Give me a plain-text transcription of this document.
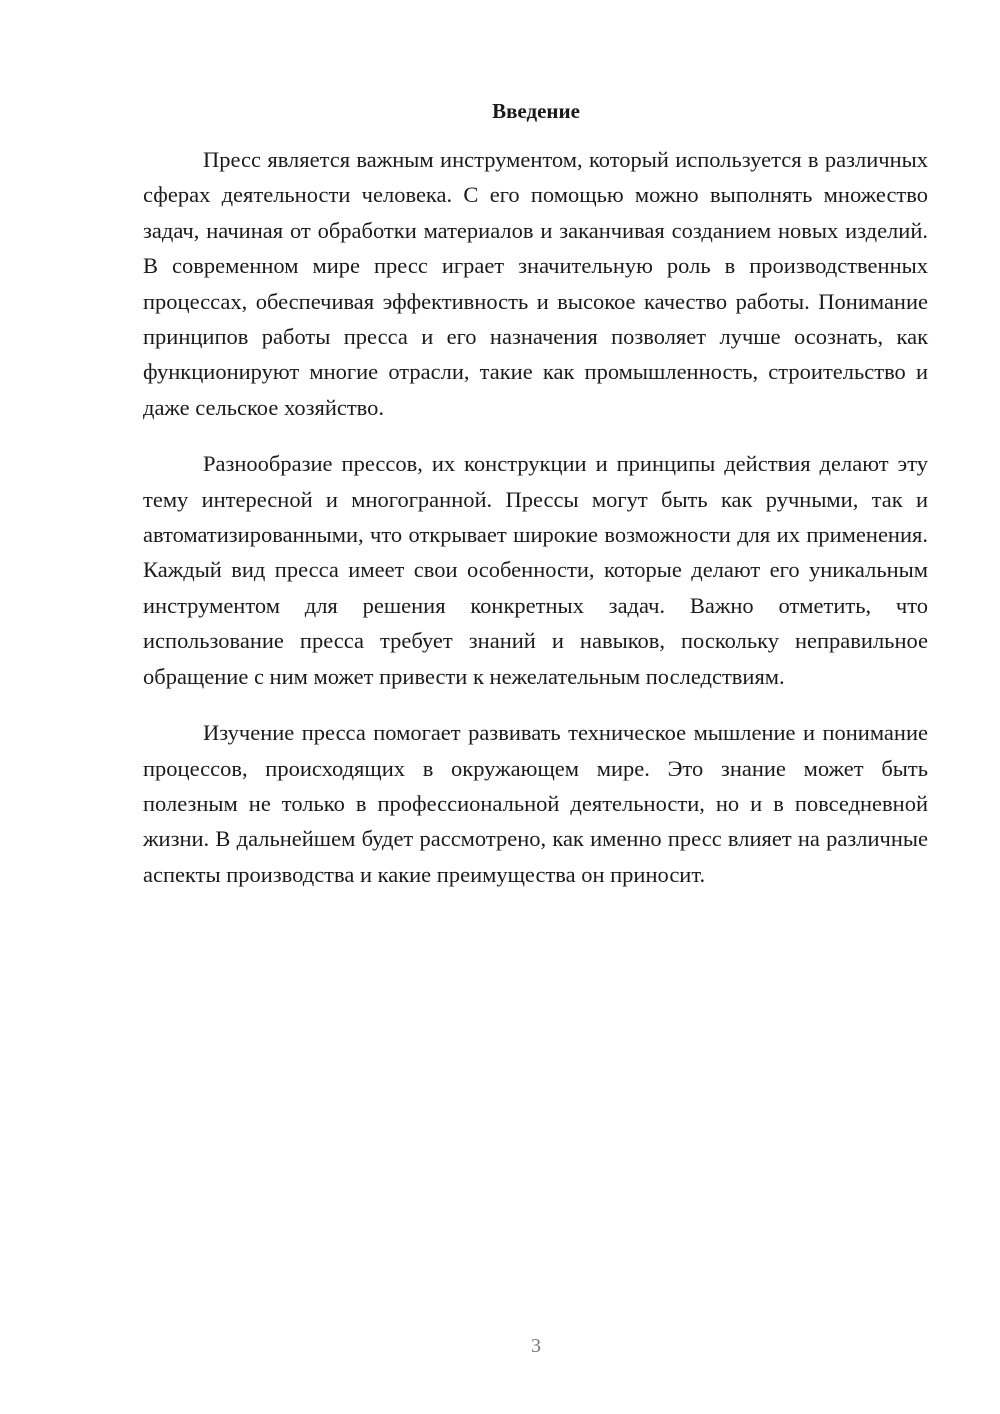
Введение

Пресс является важным инструментом, который используется в различных сферах деятельности человека. С его помощью можно выполнять множество задач, начиная от обработки материалов и заканчивая созданием новых изделий. В современном мире пресс играет значительную роль в производственных процессах, обеспечивая эффективность и высокое качество работы. Понимание принципов работы пресса и его назначения позволяет лучше осознать, как функционируют многие отрасли, такие как промышленность, строительство и даже сельское хозяйство.

Разнообразие прессов, их конструкции и принципы действия делают эту тему интересной и многогранной. Прессы могут быть как ручными, так и автоматизированными, что открывает широкие возможности для их применения. Каждый вид пресса имеет свои особенности, которые делают его уникальным инструментом для решения конкретных задач. Важно отметить, что использование пресса требует знаний и навыков, поскольку неправильное обращение с ним может привести к нежелательным последствиям.

Изучение пресса помогает развивать техническое мышление и понимание процессов, происходящих в окружающем мире. Это знание может быть полезным не только в профессиональной деятельности, но и в повседневной жизни. В дальнейшем будет рассмотрено, как именно пресс влияет на различные аспекты производства и какие преимущества он приносит.

3
